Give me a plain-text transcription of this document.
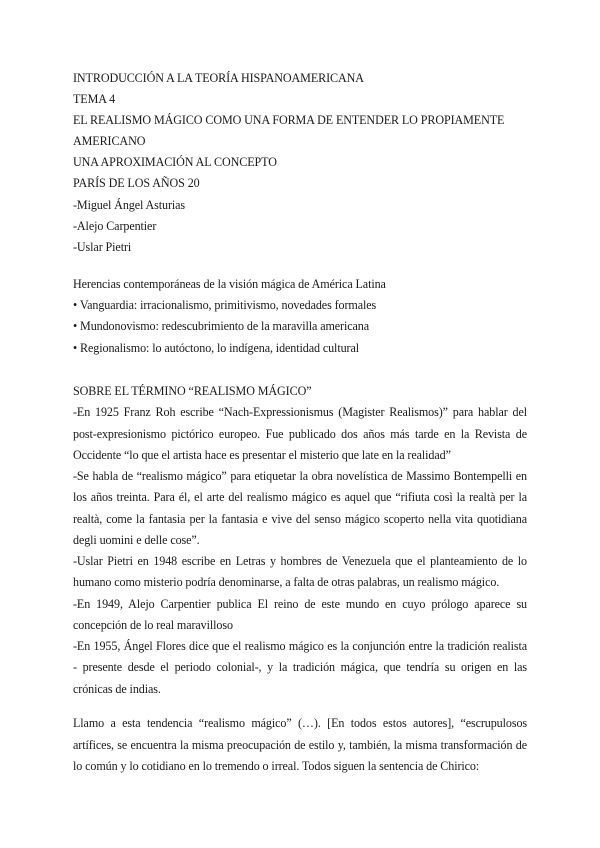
INTRODUCCIÓN A LA TEORÍA HISPANOAMERICANA
TEMA 4
EL REALISMO MÁGICO COMO UNA FORMA DE ENTENDER LO PROPIAMENTE AMERICANO
UNA APROXIMACIÓN AL CONCEPTO
PARÍS DE LOS AÑOS 20
-Miguel Ángel Asturias
-Alejo Carpentier
-Uslar Pietri
Herencias contemporáneas de la visión mágica de América Latina
• Vanguardia: irracionalismo, primitivismo, novedades formales
• Mundonovismo: redescubrimiento de la maravilla americana
• Regionalismo: lo autóctono, lo indígena, identidad cultural

SOBRE EL TÉRMINO “REALISMO MÁGICO”

-En 1925 Franz Roh escribe “Nach-Expressionismus (Magister Realismos)” para hablar del post-expresionismo pictórico europeo. Fue publicado dos años más tarde en la Revista de Occidente “lo que el artista hace es presentar el misterio que late en la realidad”

-Se habla de “realismo mágico” para etiquetar la obra novelística de Massimo Bontempelli en los años treinta. Para él, el arte del realismo mágico es aquel que “rifiuta così la realtà per la realtà, come la fantasia per la fantasia e vive del senso mágico scoperto nella vita quotidiana degli uomini e delle cose”.

-Uslar Pietri en 1948 escribe en Letras y hombres de Venezuela que el planteamiento de lo humano como misterio podría denominarse, a falta de otras palabras, un realismo mágico.

-En 1949, Alejo Carpentier publica El reino de este mundo en cuyo prólogo aparece su concepción de lo real maravilloso

-En 1955, Ángel Flores dice que el realismo mágico es la conjunción entre la tradición realista - presente desde el periodo colonial-, y la tradición mágica, que tendría su origen en las crónicas de indias.

Llamo a esta tendencia “realismo mágico” (…). [En todos estos autores], “escrupulosos artífices, se encuentra la misma preocupación de estilo y, también, la misma transformación de lo común y lo cotidiano en lo tremendo o irreal. Todos siguen la sentencia de Chirico:
